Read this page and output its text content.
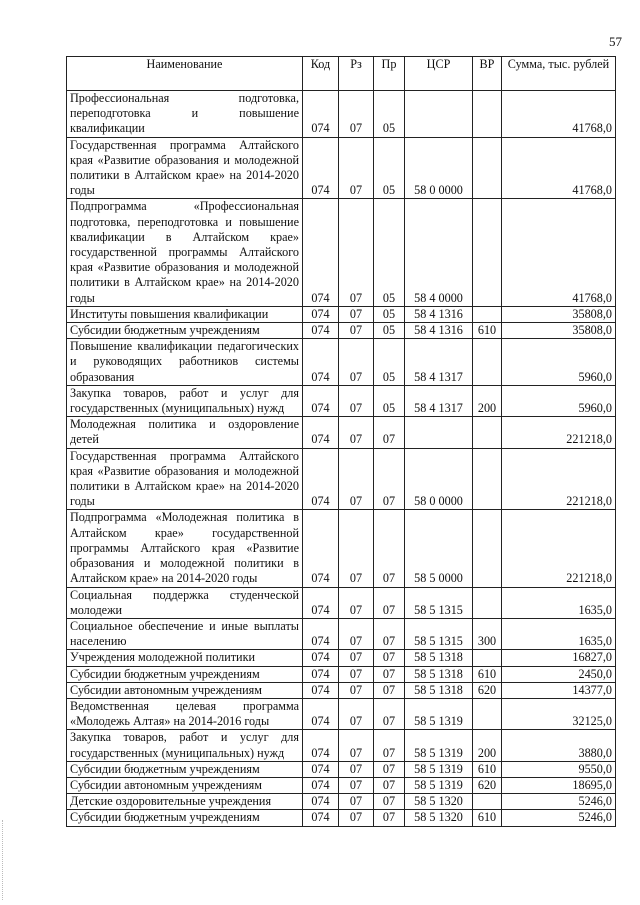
57
Наименование	Код	Рз	Пр	ЦСР	ВР	Сумма, тыс. рублей
Профессиональная подготовка, переподготовка и повышение квалификации	074	07	05			41768,0
Государственная программа Алтайского края «Развитие образования и молодежной политики в Алтайском крае» на 2014-2020 годы	074	07	05	58 0 0000		41768,0
Подпрограмма «Профессиональная подготовка, переподготовка и повышение квалификации в Алтайском крае» государственной программы Алтайского края «Развитие образования и молодежной политики в Алтайском крае» на 2014-2020 годы	074	07	05	58 4 0000		41768,0
Институты повышения квалификации	074	07	05	58 4 1316		35808,0
Субсидии бюджетным учреждениям	074	07	05	58 4 1316	610	35808,0
Повышение квалификации педагогических и руководящих работников системы образования	074	07	05	58 4 1317		5960,0
Закупка товаров, работ и услуг для государственных (муниципальных) нужд	074	07	05	58 4 1317	200	5960,0
Молодежная политика и оздоровление детей	074	07	07			221218,0
Государственная программа Алтайского края «Развитие образования и молодежной политики в Алтайском крае» на 2014-2020 годы	074	07	07	58 0 0000		221218,0
Подпрограмма «Молодежная политика в Алтайском крае» государственной программы Алтайского края «Развитие образования и молодежной политики в Алтайском крае» на 2014-2020 годы	074	07	07	58 5 0000		221218,0
Социальная поддержка студенческой молодежи	074	07	07	58 5 1315		1635,0
Социальное обеспечение и иные выплаты населению	074	07	07	58 5 1315	300	1635,0
Учреждения молодежной политики	074	07	07	58 5 1318		16827,0
Субсидии бюджетным учреждениям	074	07	07	58 5 1318	610	2450,0
Субсидии автономным учреждениям	074	07	07	58 5 1318	620	14377,0
Ведомственная целевая программа «Молодежь Алтая» на 2014-2016 годы	074	07	07	58 5 1319		32125,0
Закупка товаров, работ и услуг для государственных (муниципальных) нужд	074	07	07	58 5 1319	200	3880,0
Субсидии бюджетным учреждениям	074	07	07	58 5 1319	610	9550,0
Субсидии автономным учреждениям	074	07	07	58 5 1319	620	18695,0
Детские оздоровительные учреждения	074	07	07	58 5 1320		5246,0
Субсидии бюджетным учреждениям	074	07	07	58 5 1320	610	5246,0
